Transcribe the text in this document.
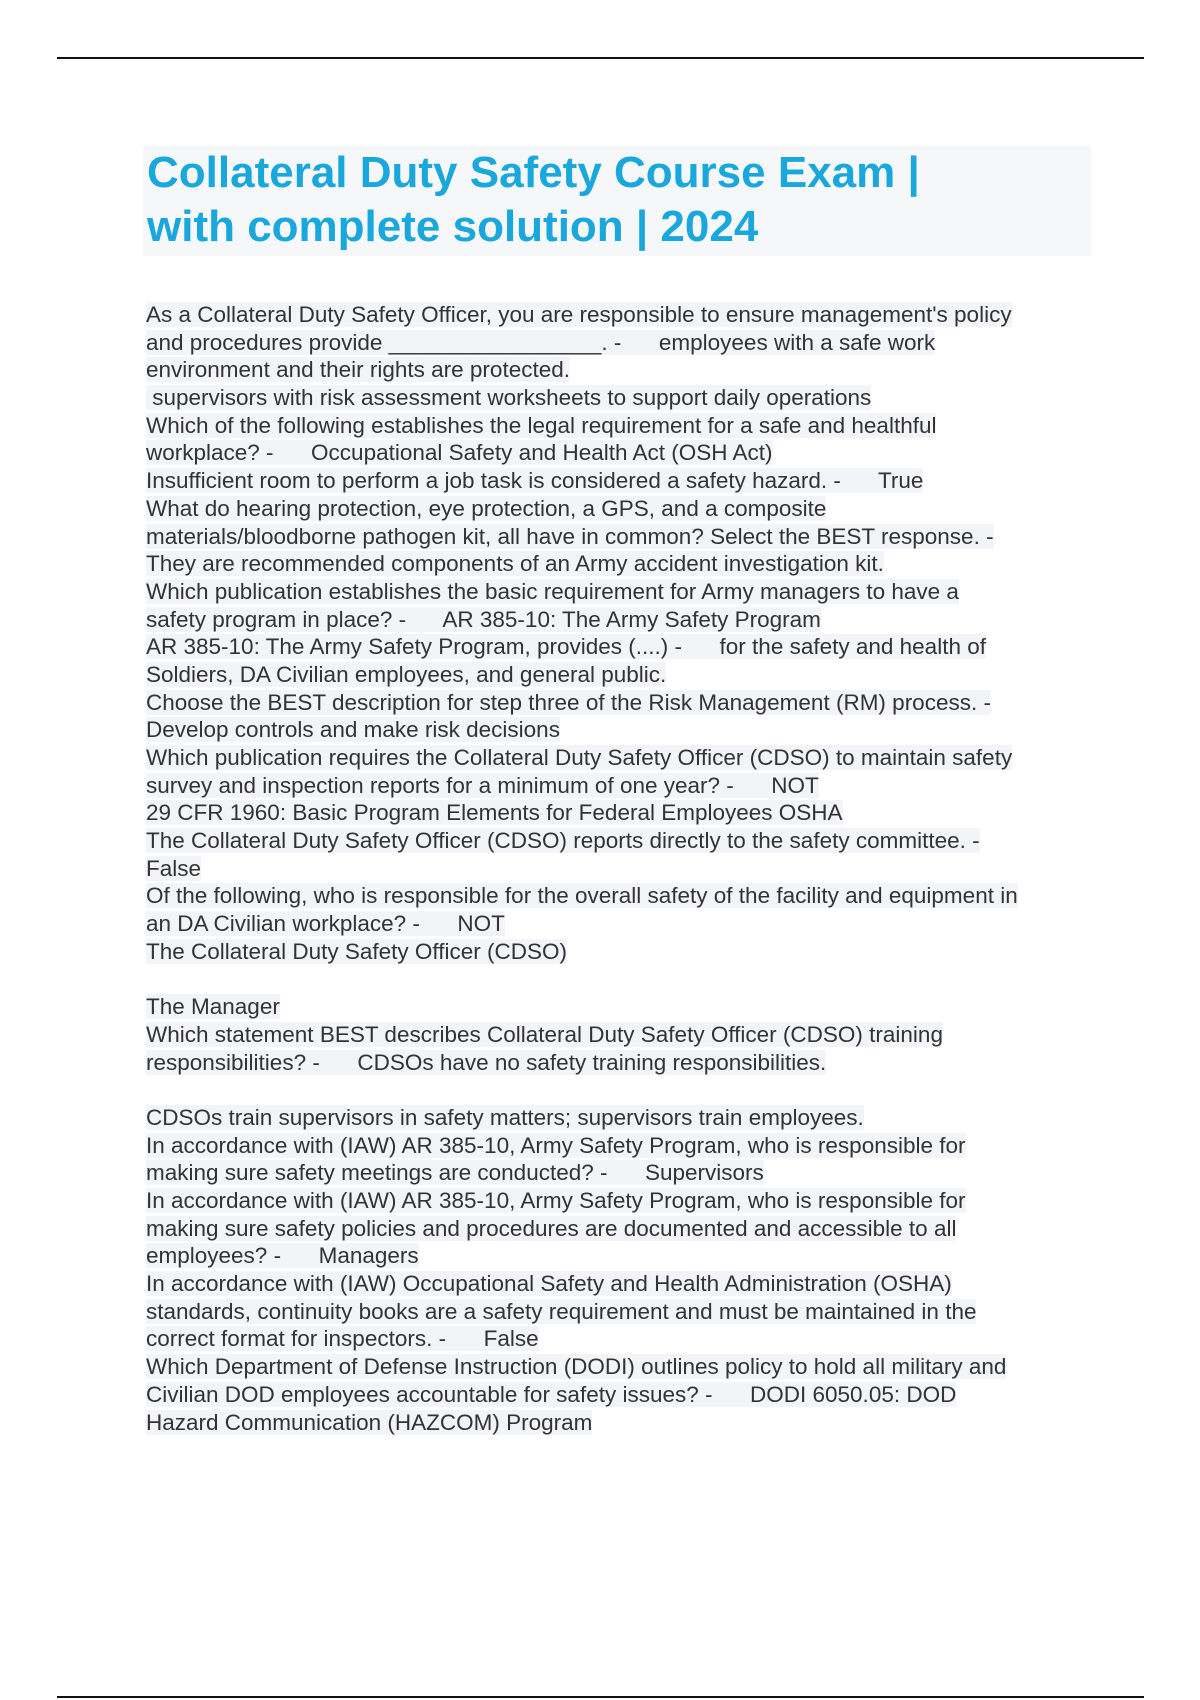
Collateral Duty Safety Course Exam |
with complete solution | 2024
As a Collateral Duty Safety Officer, you are responsible to ensure management's policy
and procedures provide _________________. -      employees with a safe work
environment and their rights are protected.
supervisors with risk assessment worksheets to support daily operations
Which of the following establishes the legal requirement for a safe and healthful
workplace? -      Occupational Safety and Health Act (OSH Act)
Insufficient room to perform a job task is considered a safety hazard. -      True
What do hearing protection, eye protection, a GPS, and a composite
materials/bloodborne pathogen kit, all have in common? Select the BEST response. -
They are recommended components of an Army accident investigation kit.
Which publication establishes the basic requirement for Army managers to have a
safety program in place? -      AR 385-10: The Army Safety Program
AR 385-10: The Army Safety Program, provides (....) -      for the safety and health of
Soldiers, DA Civilian employees, and general public.
Choose the BEST description for step three of the Risk Management (RM) process. -
Develop controls and make risk decisions
Which publication requires the Collateral Duty Safety Officer (CDSO) to maintain safety
survey and inspection reports for a minimum of one year? -      NOT
29 CFR 1960: Basic Program Elements for Federal Employees OSHA
The Collateral Duty Safety Officer (CDSO) reports directly to the safety committee. -
False
Of the following, who is responsible for the overall safety of the facility and equipment in
an DA Civilian workplace? -      NOT
The Collateral Duty Safety Officer (CDSO)
The Manager
Which statement BEST describes Collateral Duty Safety Officer (CDSO) training
responsibilities? -      CDSOs have no safety training responsibilities.
CDSOs train supervisors in safety matters; supervisors train employees.
In accordance with (IAW) AR 385-10, Army Safety Program, who is responsible for
making sure safety meetings are conducted? -      Supervisors
In accordance with (IAW) AR 385-10, Army Safety Program, who is responsible for
making sure safety policies and procedures are documented and accessible to all
employees? -      Managers
In accordance with (IAW) Occupational Safety and Health Administration (OSHA)
standards, continuity books are a safety requirement and must be maintained in the
correct format for inspectors. -      False
Which Department of Defense Instruction (DODI) outlines policy to hold all military and
Civilian DOD employees accountable for safety issues? -      DODI 6050.05: DOD
Hazard Communication (HAZCOM) Program
